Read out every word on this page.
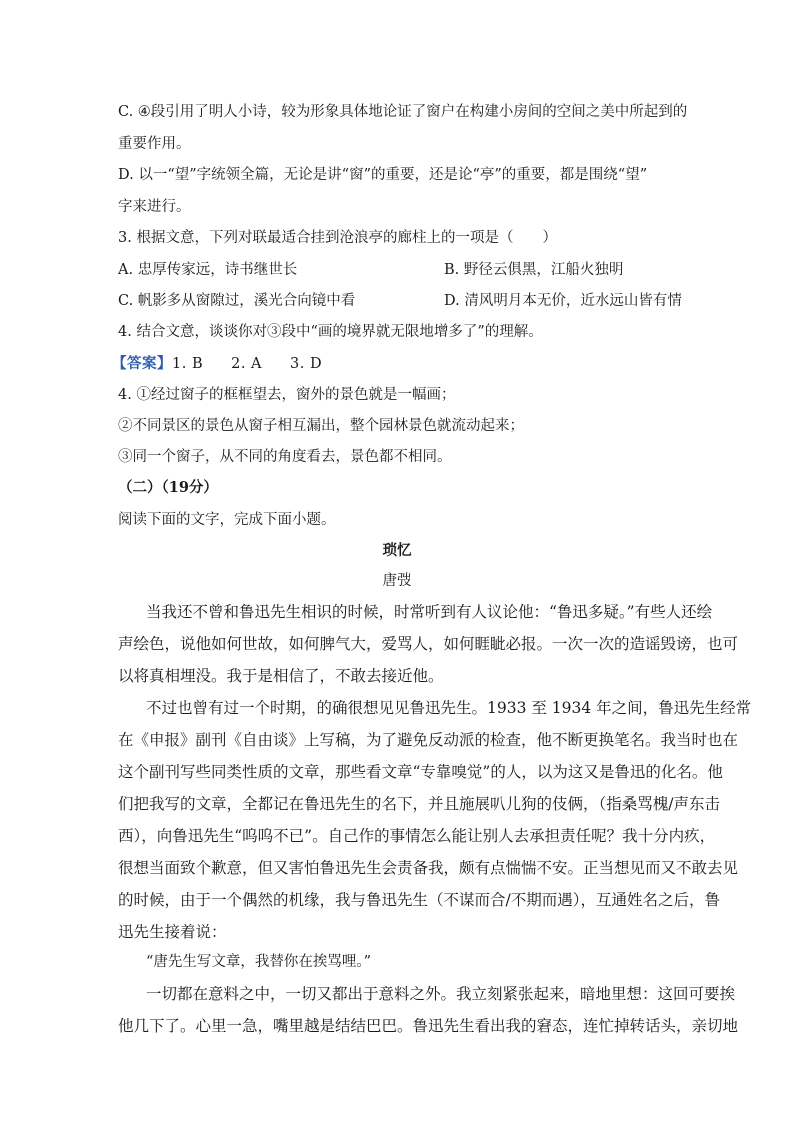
C. ④段引用了明人小诗，较为形象具体地论证了窗户在构建小房间的空间之美中所起到的

重要作用。

D. 以一“望”字统领全篇，无论是讲“窗”的重要，还是论“亭”的重要，都是围绕“望”

字来进行。

3. 根据文意，下列对联最适合挂到沧浪亭的廊柱上的一项是（　　）

A. 忠厚传家远，诗书继世长	B. 野径云俱黑，江船火独明

C. 帆影多从窗隙过，溪光合向镜中看	D. 清风明月本无价，近水远山皆有情

4. 结合文意，谈谈你对③段中“画的境界就无限地增多了”的理解。

【答案】1. B 2. A 3. D

4. ①经过窗子的框框望去，窗外的景色就是一幅画；

②不同景区的景色从窗子相互漏出，整个园林景色就流动起来；

③同一个窗子，从不同的角度看去，景色都不相同。

（二）（19分）

阅读下面的文字，完成下面小题。

琐忆

唐弢

当我还不曾和鲁迅先生相识的时候，时常听到有人议论他：“鲁迅多疑。”有些人还绘

声绘色，说他如何世故，如何脾气大，爱骂人，如何睚眦必报。一次一次的造谣毁谤，也可

以将真相埋没。我于是相信了，不敢去接近他。

不过也曾有过一个时期，的确很想见见鲁迅先生。1933 至 1934 年之间，鲁迅先生经常

在《申报》副刊《自由谈》上写稿，为了避免反动派的检查，他不断更换笔名。我当时也在

这个副刊写些同类性质的文章，那些看文章“专靠嗅觉”的人，以为这又是鲁迅的化名。他

们把我写的文章，全都记在鲁迅先生的名下，并且施展叭儿狗的伎俩，（指桑骂槐/声东击

西），向鲁迅先生“呜呜不已”。自己作的事情怎么能让别人去承担责任呢？我十分内疚，

很想当面致个歉意，但又害怕鲁迅先生会责备我，颇有点惴惴不安。正当想见而又不敢去见

的时候，由于一个偶然的机缘，我与鲁迅先生（不谋而合/不期而遇），互通姓名之后，鲁

迅先生接着说：

“唐先生写文章，我替你在挨骂哩。”

一切都在意料之中，一切又都出于意料之外。我立刻紧张起来，暗地里想：这回可要挨

他几下了。心里一急，嘴里越是结结巴巴。鲁迅先生看出我的窘态，连忙掉转话头，亲切地
